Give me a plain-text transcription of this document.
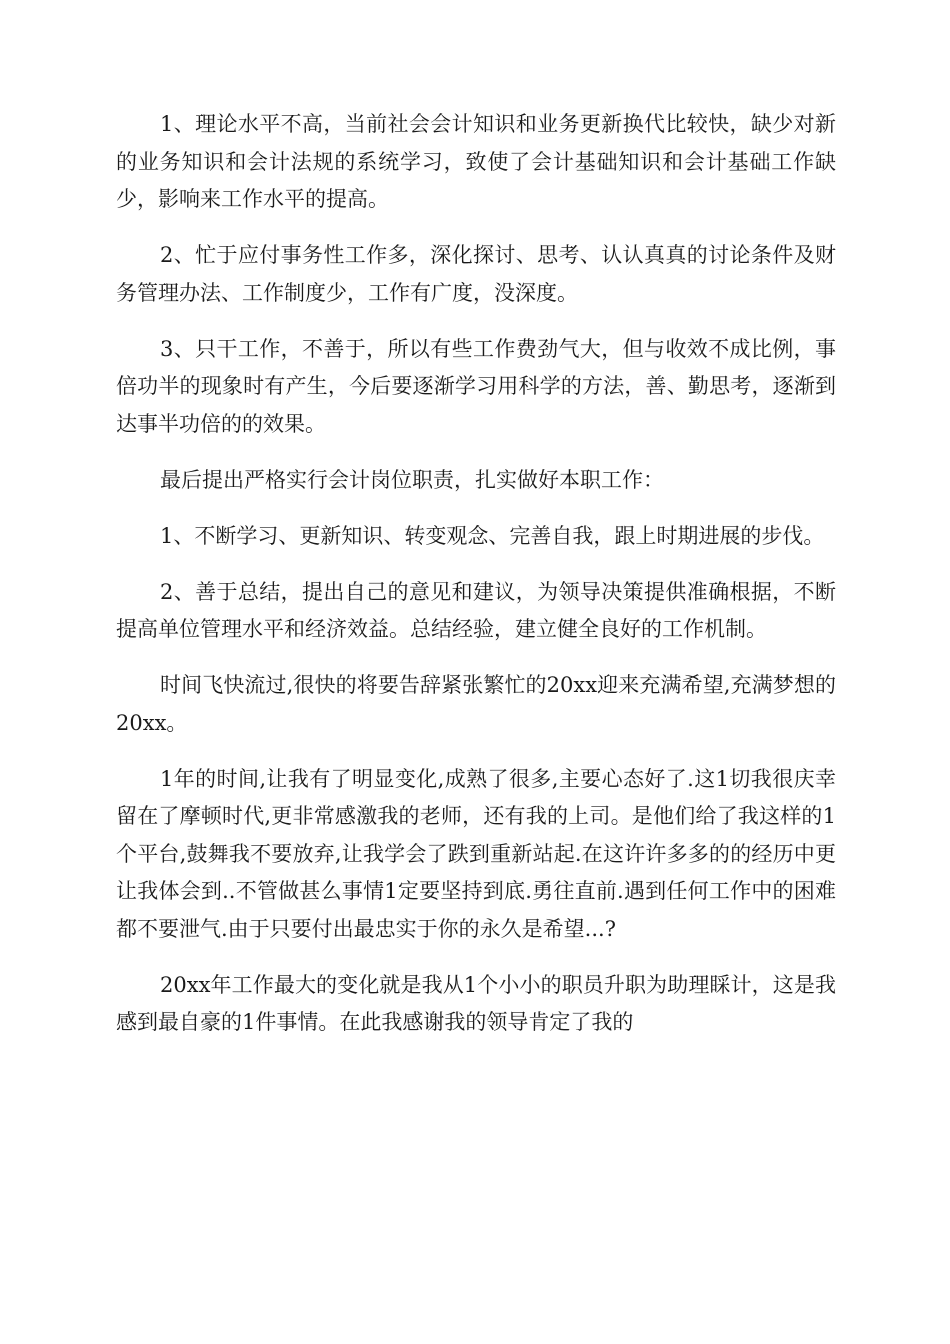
1、理论水平不高，当前社会会计知识和业务更新换代比较快，缺少对新的业务知识和会计法规的系统学习，致使了会计基础知识和会计基础工作缺少，影响来工作水平的提高。

2、忙于应付事务性工作多，深化探讨、思考、认认真真的讨论条件及财务管理办法、工作制度少，工作有广度，没深度。

3、只干工作，不善于，所以有些工作费劲气大，但与收效不成比例，事倍功半的现象时有产生，今后要逐渐学习用科学的方法，善、勤思考，逐渐到达事半功倍的的效果。

最后提出严格实行会计岗位职责，扎实做好本职工作：

1、不断学习、更新知识、转变观念、完善自我，跟上时期进展的步伐。

2、善于总结，提出自己的意见和建议，为领导决策提供准确根据，不断提高单位管理水平和经济效益。总结经验，建立健全良好的工作机制。

时间飞快流过,很快的将要告辞紧张繁忙的20xx迎来充满希望,充满梦想的20xx。

1年的时间,让我有了明显变化,成熟了很多,主要心态好了.这1切我很庆幸留在了摩顿时代,更非常感激我的老师，还有我的上司。是他们给了我这样的1个平台,鼓舞我不要放弃,让我学会了跌到重新站起.在这许许多多的的经历中更让我体会到..不管做甚么事情1定要坚持到底.勇往直前.遇到任何工作中的困难都不要泄气.由于只要付出最忠实于你的永久是希望...?

20xx年工作最大的变化就是我从1个小小的职员升职为助理睬计，这是我感到最自豪的1件事情。在此我感谢我的领导肯定了我的
